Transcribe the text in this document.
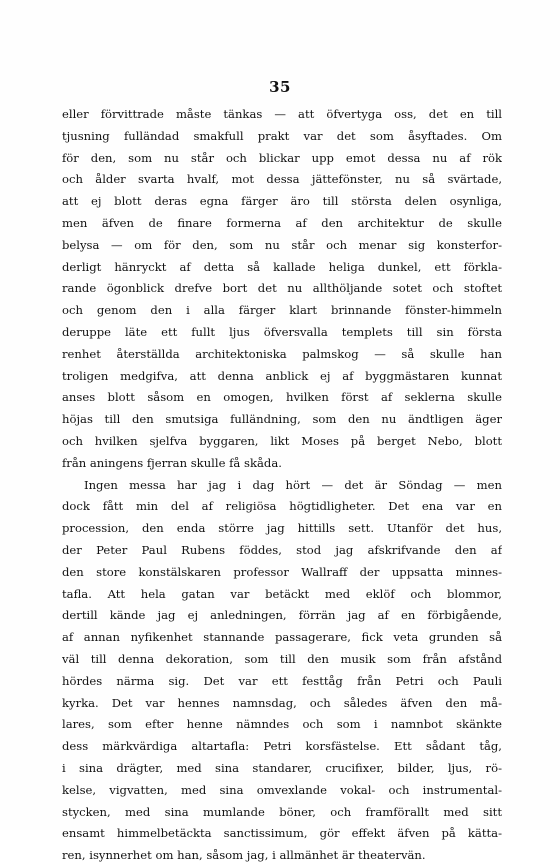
35
eller förvittrade måste tänkas — att öfvertyga oss, det en till
tjusning fulländad smakfull prakt var det som åsyftades. Om
för den, som nu står och blickar upp emot dessa nu af rök
och ålder svarta hvalf, mot dessa jättefönster, nu så svärtade,
att ej blott deras egna färger äro till största delen osynliga,
men äfven de finare formerna af den architektur de skulle
belysa — om för den, som nu står och menar sig konsterfor-
derligt hänryckt af detta så kallade heliga dunkel, ett förkla-
rande ögonblick drefve bort det nu allthöljande sotet och stoftet
och genom den i alla färger klart brinnande fönster-himmeln
deruppe läte ett fullt ljus öfversvalla templets till sin första
renhet återställda architektoniska palmskog — så skulle han
troligen medgifva, att denna anblick ej af byggmästaren kunnat
anses blott såsom en omogen, hvilken först af seklerna skulle
höjas till den smutsiga fulländning, som den nu ändtligen äger
och hvilken sjelfva byggaren, likt Moses på berget Nebo, blott
från aningens fjerran skulle få skåda.
Ingen messa har jag i dag hört — det är Söndag — men
dock fått min del af religiösa högtidligheter. Det ena var en
procession, den enda större jag hittills sett. Utanför det hus,
der Peter Paul Rubens föddes, stod jag afskrifvande den af
den store konstälskaren professor Wallraff der uppsatta minnes-
tafla. Att hela gatan var betäckt med eklöf och blommor,
dertill kände jag ej anledningen, förrän jag af en förbigående,
af annan nyfikenhet stannande passagerare, fick veta grunden så
väl till denna dekoration, som till den musik som från afstånd
hördes närma sig. Det var ett festtåg från Petri och Pauli
kyrka. Det var hennes namnsdag, och således äfven den må-
lares, som efter henne nämndes och som i namnbot skänkte
dess märkvärdiga altartafla: Petri korsfästelse. Ett sådant tåg,
i sina drägter, med sina standarer, crucifixer, bilder, ljus, rö-
kelse, vigvatten, med sina omvexlande vokal- och instrumental-
stycken, med sina mumlande böner, och framförallt med sitt
ensamt himmelbetäckta sanctissimum, gör effekt äfven på kätta-
ren, isynnerhet om han, såsom jag, i allmänhet är theatervän.
